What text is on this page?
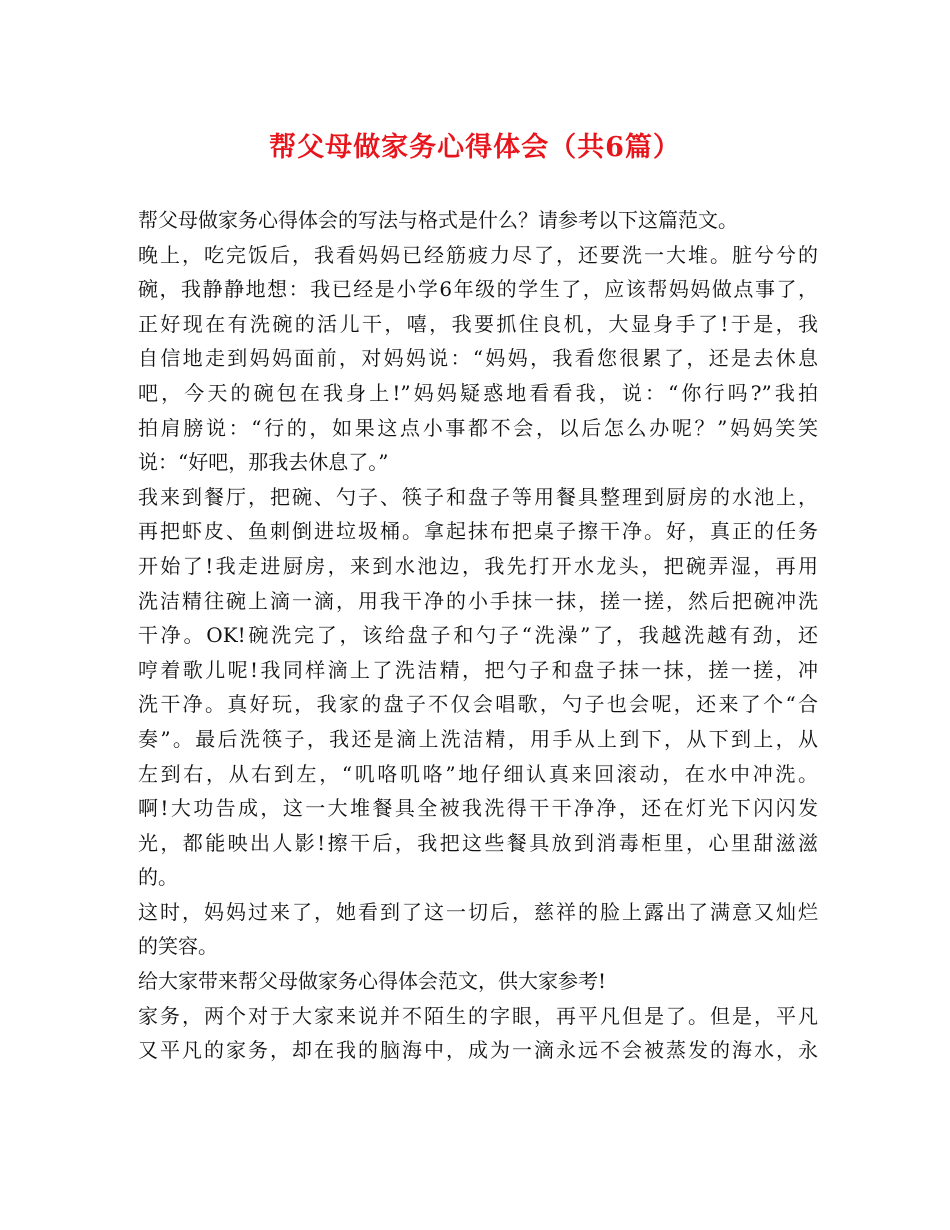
帮父母做家务心得体会（共6篇）
帮父母做家务心得体会的写法与格式是什么？请参考以下这篇范文。
晚上，吃完饭后，我看妈妈已经筋疲力尽了，还要洗一大堆。脏兮兮的
碗，我静静地想：我已经是小学6年级的学生了，应该帮妈妈做点事了，
正好现在有洗碗的活儿干，嘻，我要抓住良机，大显身手了!于是，我
自信地走到妈妈面前，对妈妈说：“妈妈，我看您很累了，还是去休息
吧，今天的碗包在我身上!”妈妈疑惑地看看我，说：“你行吗?”我拍
拍肩膀说：“行的，如果这点小事都不会，以后怎么办呢？”妈妈笑笑
说：“好吧，那我去休息了。”
我来到餐厅，把碗、勺子、筷子和盘子等用餐具整理到厨房的水池上，
再把虾皮、鱼刺倒进垃圾桶。拿起抹布把桌子擦干净。好，真正的任务
开始了!我走进厨房，来到水池边，我先打开水龙头，把碗弄湿，再用
洗洁精往碗上滴一滴，用我干净的小手抹一抹，搓一搓，然后把碗冲洗
干净。OK!碗洗完了，该给盘子和勺子“洗澡”了，我越洗越有劲，还
哼着歌儿呢!我同样滴上了洗洁精，把勺子和盘子抹一抹，搓一搓，冲
洗干净。真好玩，我家的盘子不仅会唱歌，勺子也会呢，还来了个“合
奏”。最后洗筷子，我还是滴上洗洁精，用手从上到下，从下到上，从
左到右，从右到左，“叽咯叽咯”地仔细认真来回滚动，在水中冲洗。
啊!大功告成，这一大堆餐具全被我洗得干干净净，还在灯光下闪闪发
光，都能映出人影!擦干后，我把这些餐具放到消毒柜里，心里甜滋滋
的。
这时，妈妈过来了，她看到了这一切后，慈祥的脸上露出了满意又灿烂
的笑容。
给大家带来帮父母做家务心得体会范文，供大家参考!
家务，两个对于大家来说并不陌生的字眼，再平凡但是了。但是，平凡
又平凡的家务，却在我的脑海中，成为一滴永远不会被蒸发的海水，永
